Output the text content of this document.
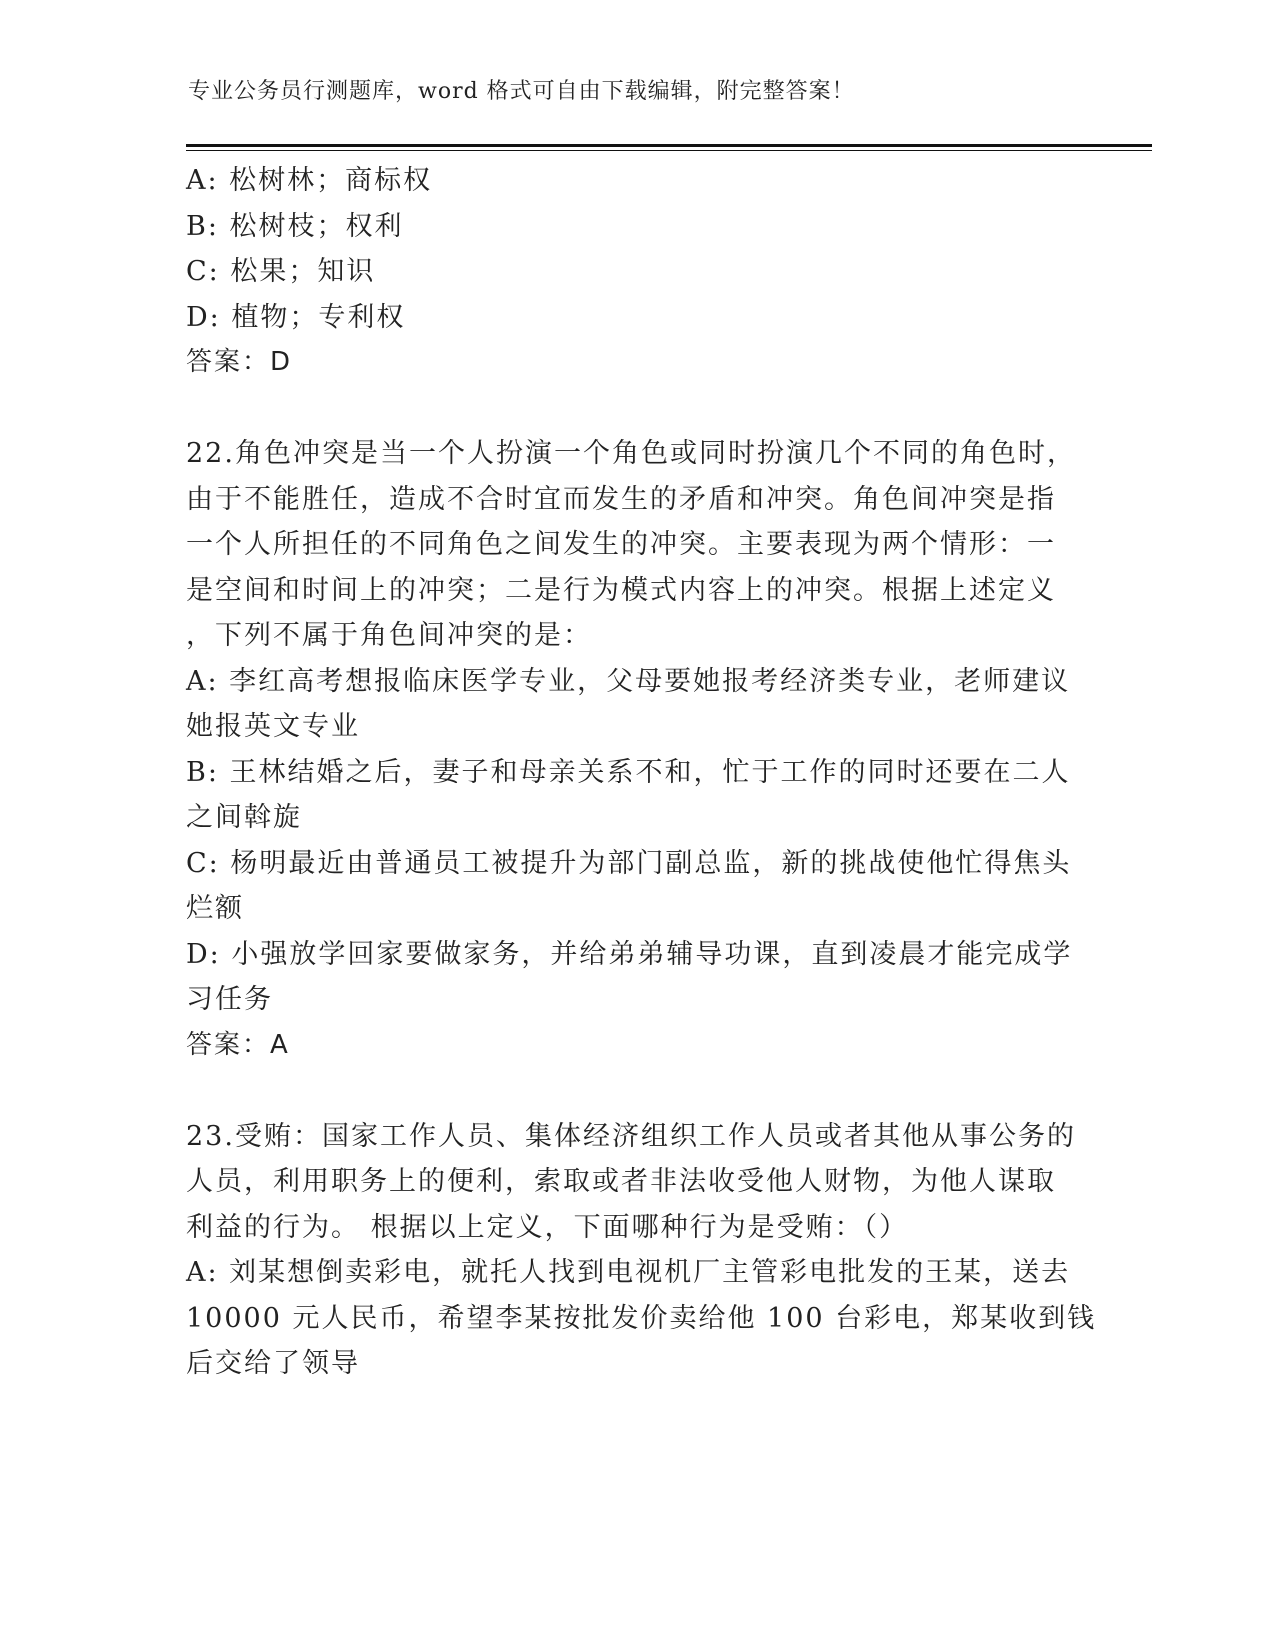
专业公务员行测题库，word 格式可自由下载编辑，附完整答案！
A: 松树林；商标权
B: 松树枝；权利
C: 松果；知识
D: 植物；专利权
答案：D
22.角色冲突是当一个人扮演一个角色或同时扮演几个不同的角色时，
由于不能胜任，造成不合时宜而发生的矛盾和冲突。角色间冲突是指
一个人所担任的不同角色之间发生的冲突。主要表现为两个情形：一
是空间和时间上的冲突；二是行为模式内容上的冲突。根据上述定义
，下列不属于角色间冲突的是：
A: 李红高考想报临床医学专业，父母要她报考经济类专业，老师建议
她报英文专业
B: 王林结婚之后，妻子和母亲关系不和，忙于工作的同时还要在二人
之间斡旋
C: 杨明最近由普通员工被提升为部门副总监，新的挑战使他忙得焦头
烂额
D: 小强放学回家要做家务，并给弟弟辅导功课，直到凌晨才能完成学
习任务
答案：A
23.受贿：国家工作人员、集体经济组织工作人员或者其他从事公务的
人员，利用职务上的便利，索取或者非法收受他人财物，为他人谋取
利益的行为。 根据以上定义，下面哪种行为是受贿：（）
A: 刘某想倒卖彩电，就托人找到电视机厂主管彩电批发的王某，送去
10000 元人民币，希望李某按批发价卖给他 100 台彩电，郑某收到钱
后交给了领导
